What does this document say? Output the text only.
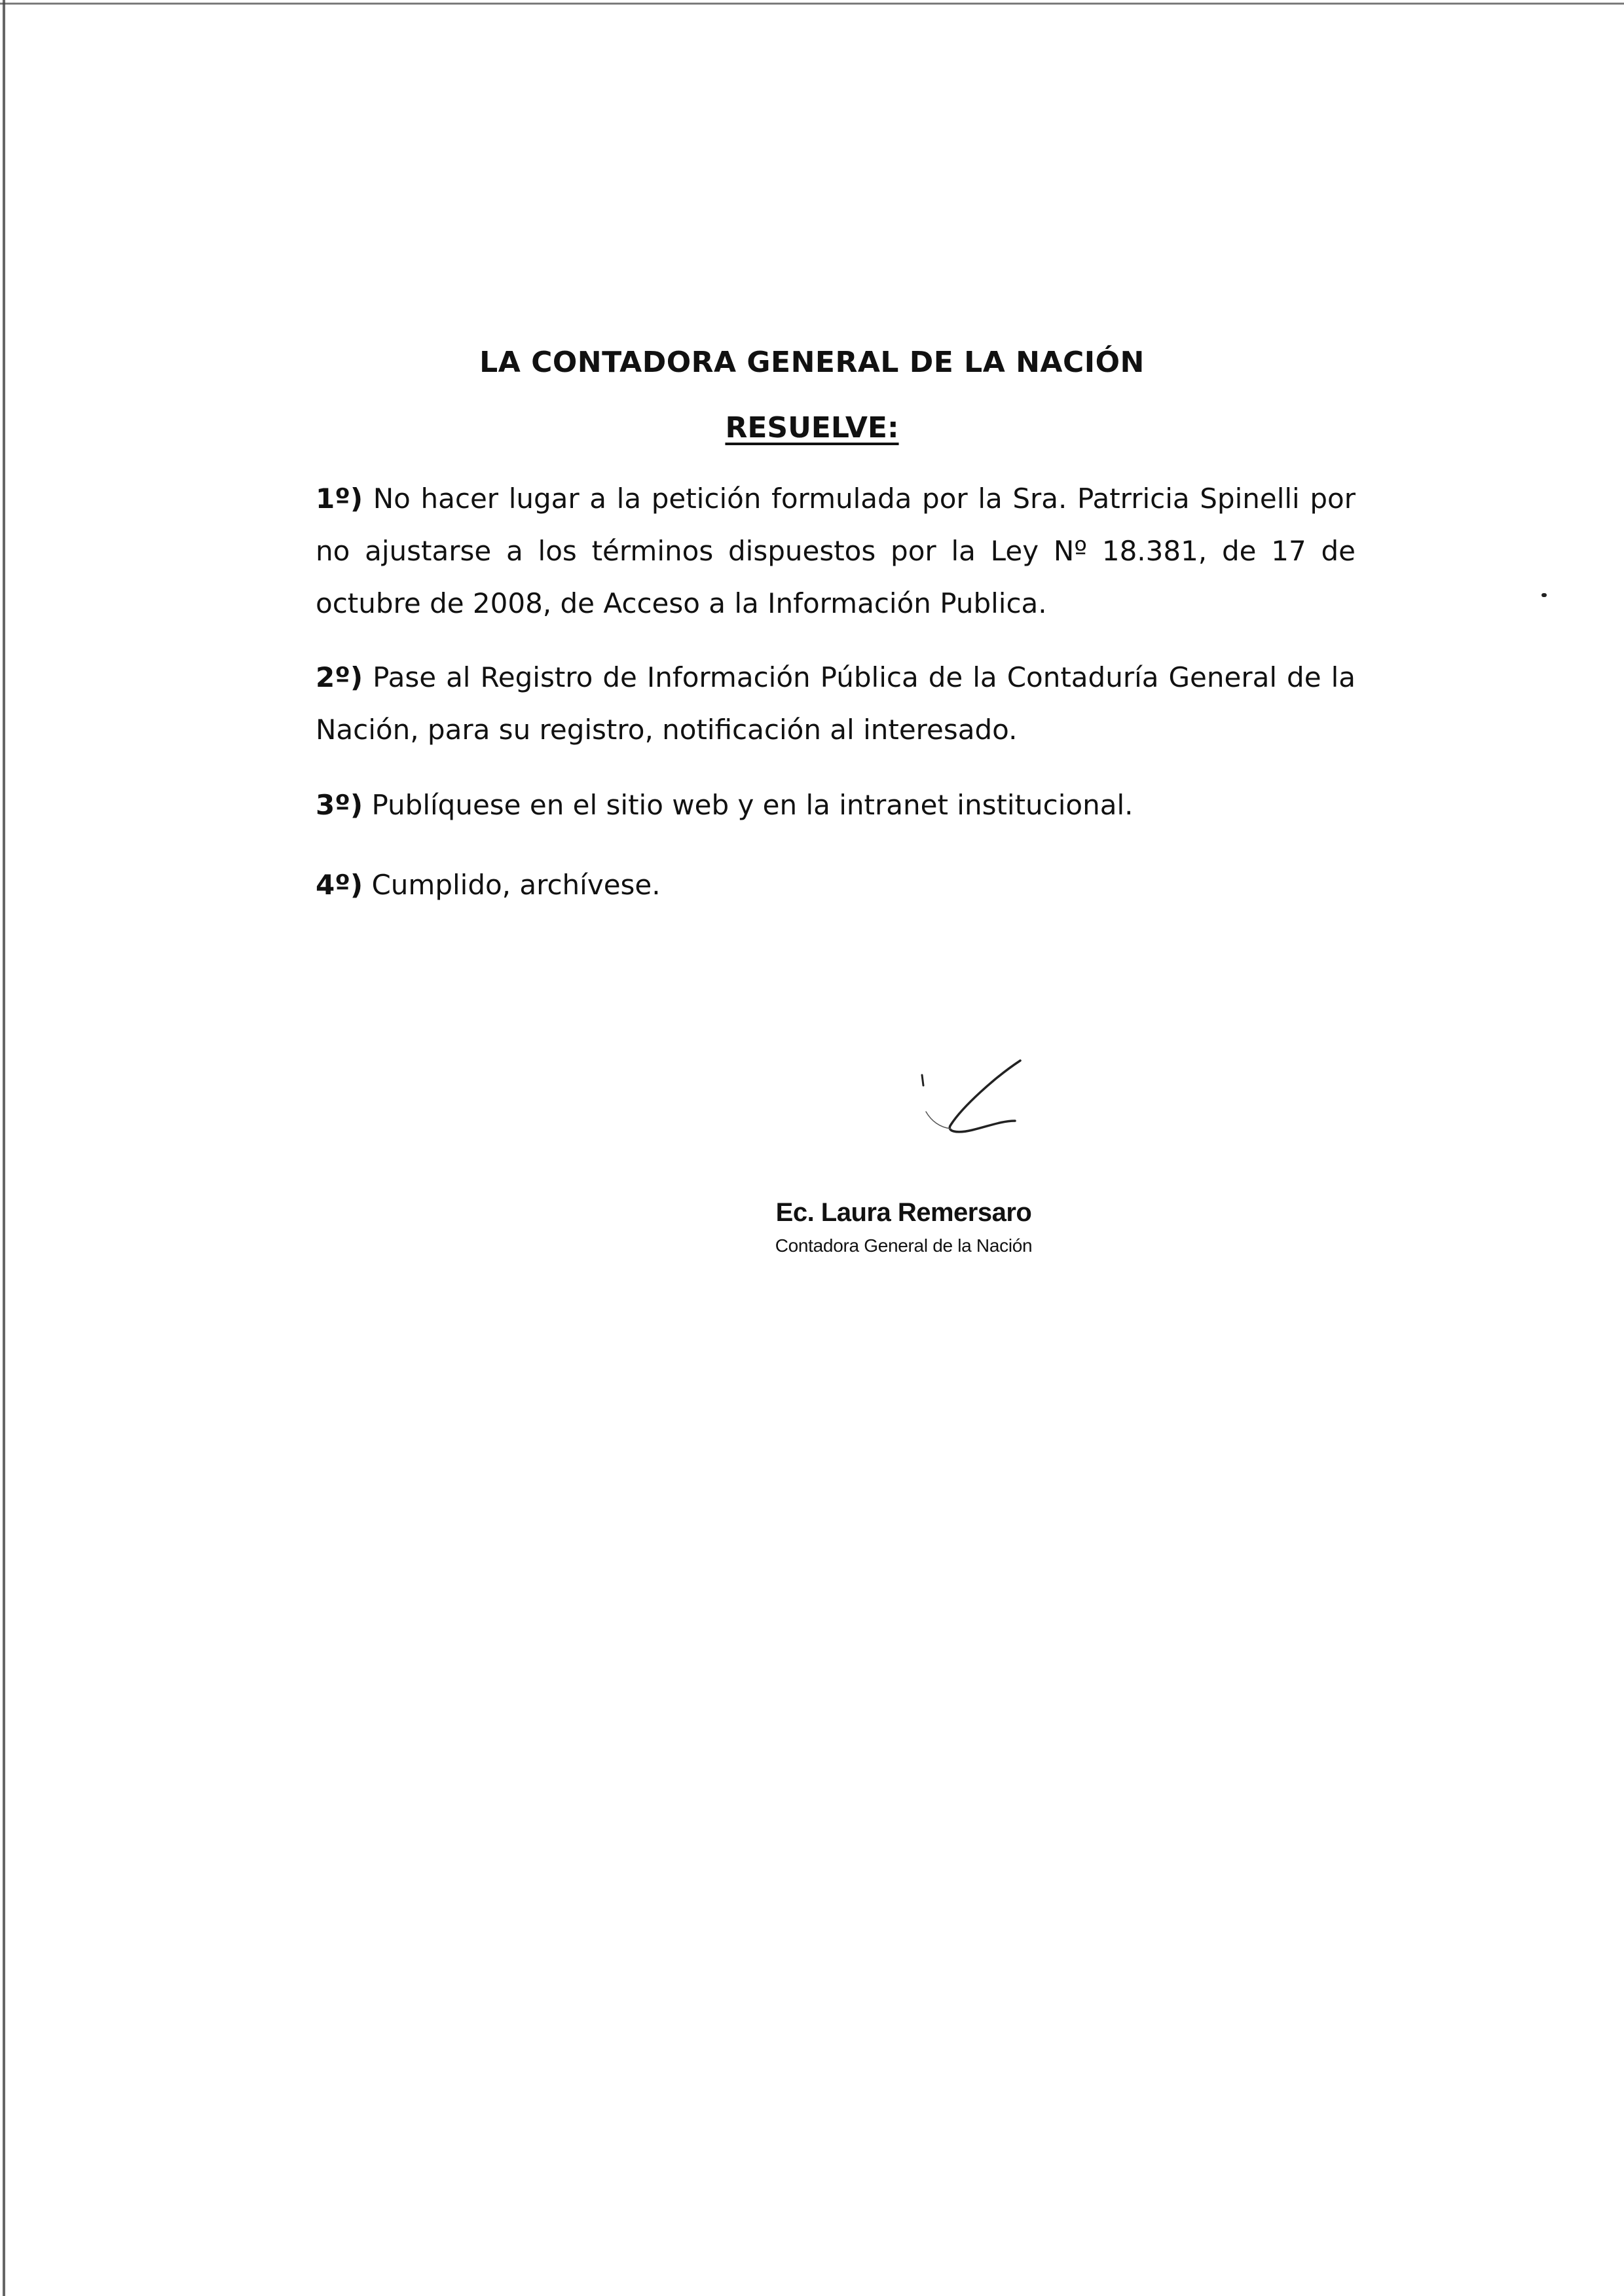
LA CONTADORA GENERAL DE LA NACIÓN
RESUELVE:
1º) No hacer lugar a la petición formulada por la Sra. Patrricia Spinelli por no ajustarse a los términos dispuestos por la Ley Nº 18.381, de 17 de octubre de 2008, de Acceso a la Información Publica.
2º) Pase al Registro de Información Pública de la Contaduría General de la Nación, para su registro, notificación al interesado.
3º) Publíquese en el sitio web y en la intranet institucional.
4º) Cumplido, archívese.
Ec. Laura Remersaro
Contadora General de la Nación
